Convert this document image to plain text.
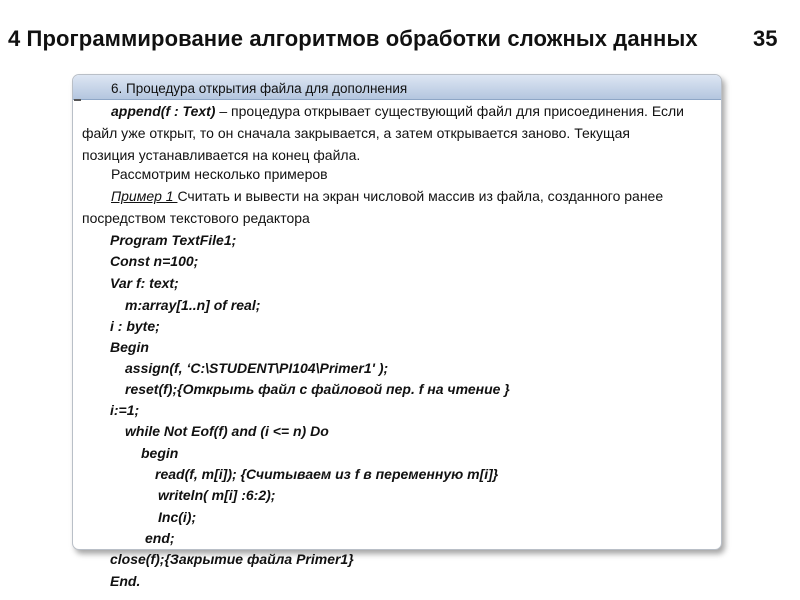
4 Программирование алгоритмов обработки сложных данных	35
6. Процедура открытия файла для дополнения
append(f : Text) – процедура открывает существующий файл для присоединения. Если
файл уже открыт, то он сначала закрывается, а затем открывается заново. Текущая
позиция устанавливается на конец файла.
Рассмотрим несколько примеров
Пример 1 Считать и вывести на экран числовой массив из файла, созданного ранее
посредством текстового редактора
Program TextFile1;
Const n=100;
Var f: text;
m:array[1..n] of real;
i : byte;
Begin
assign(f, ‘C:\STUDENT\PI104\Primer1' );
reset(f);{Открыть файл с файловой пер. f на чтение }
i:=1;
while Not Eof(f) and (i <= n) Do
begin
read(f, m[i]); {Считываем из f в переменную m[i]}
writeln( m[i] :6:2);
Inc(i);
end;
close(f);{Закрытие файла Primer1}
End.
